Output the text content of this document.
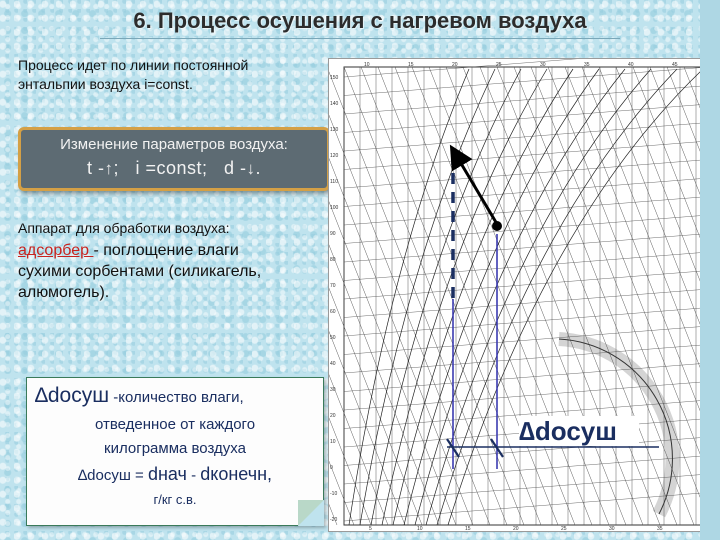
6. Процесс осушения с нагревом воздуха
Процесс идет по линии постоянной
энтальпии воздуха i=const.
Изменение параметров воздуха:
t -↑; i =const; d -↓.
Аппарат для обработки воздуха:
адсорбер - поглощение влаги
сухими сорбентами (силикагель,
алюмогель).
∆dосуш -количество влаги,
отведенное от каждого
килограмма воздуха
∆dосуш = dнач - dконечн,
г/кг с.в.
150
140
130
120
110
100
90
80
70
60
50
40
30
20
10
0
-10
-20
10	15	20	25	30	35	40	45
5	10	15	20	25	30	35
∆dосуш
